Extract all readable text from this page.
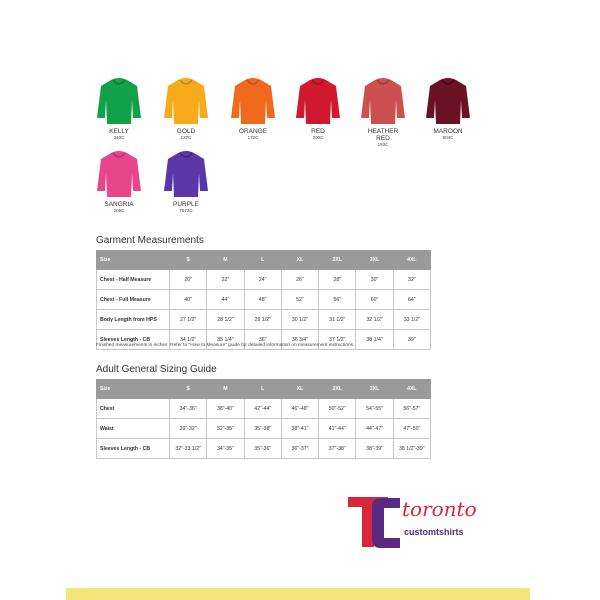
KELLY
340C
GOLD
137C
ORANGE
172C
RED
200C
HEATHER RED
193C
MAROON
504C
SANGRIA
205C
PURPLE
7672C
Garment Measurements
Size	S	M	L	XL	2XL	3XL	4XL
Chest - Half Measure	20"	22"	24"	26"	28"	30"	32"
Chest - Full Measure	40"	44"	48"	52"	56"	60"	64"
Body Length from HPS	27 1/2"	28 1/2"	29 1/2"	30 1/2"	31 1/2"	32 1/2"	33 1/2"
Sleeves Length - CB	34 1/2"	35 1/4"	36"	36 3/4"	37 1/2"	38 1/4"	39"
Finished measurements in inches. Refer to "How to Measure" guide for detailed information on measurement instructions.
Adult General Sizing Guide
Size	S	M	L	XL	2XL	3XL	4XL
Chest	34"-36"	38"-40"	42"-44"	46"-48"	50"-52"	54"-55"	56"-57"
Waist	29"-32"	32"-35"	35"-38"	38"-41"	41"-44"	44"-47"	47"-50"
Sleeves Length - CB	32"-33 1/2"	34"-35"	35"-36"	36"-37"	37"-38"	38"-39"	38 1/2"-39"
toronto
customtshirts
